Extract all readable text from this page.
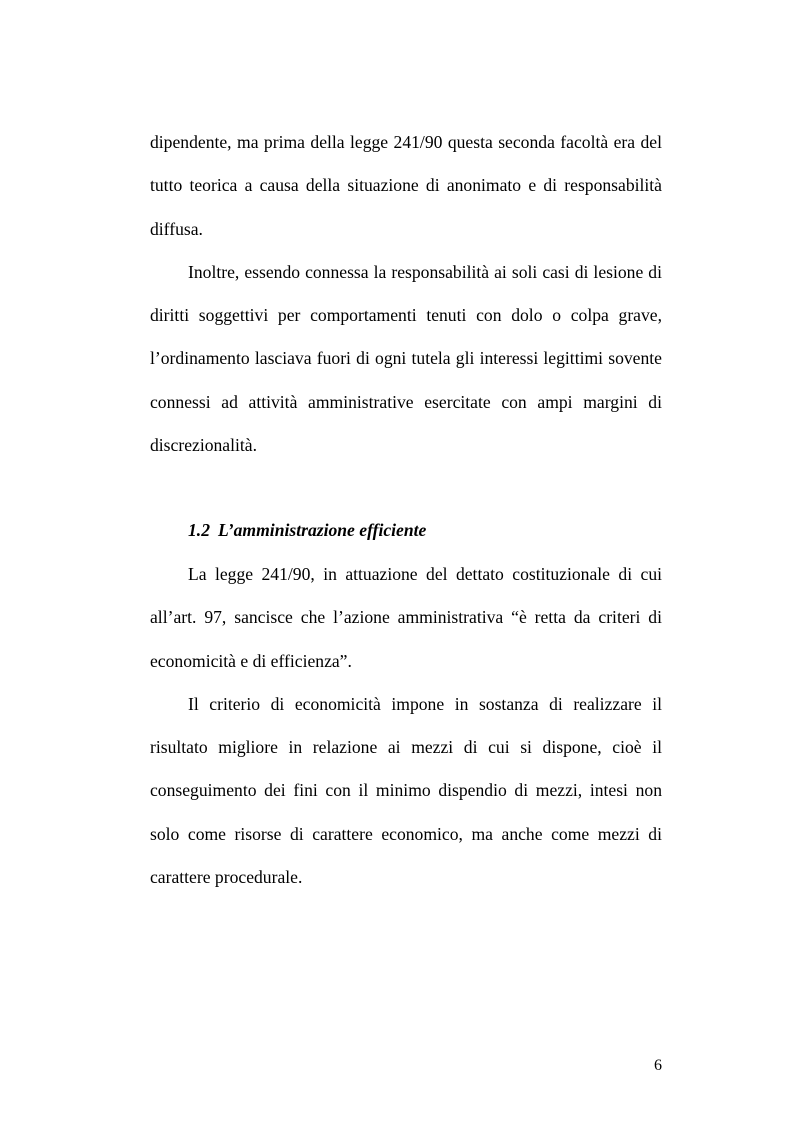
dipendente, ma prima della legge 241/90 questa seconda facoltà era del tutto teorica a causa della situazione di anonimato e di responsabilità diffusa.

Inoltre, essendo connessa la responsabilità ai soli casi di lesione di diritti soggettivi per comportamenti tenuti con dolo o colpa grave, l’ordinamento lasciava fuori di ogni tutela gli interessi legittimi sovente connessi ad attività amministrative esercitate con ampi margini di discrezionalità.

1.2 L’amministrazione efficiente

La legge 241/90, in attuazione del dettato costituzionale di cui all’art. 97, sancisce che l’azione amministrativa “è retta da criteri di economicità e di efficienza”.

Il criterio di economicità impone in sostanza di realizzare il risultato migliore in relazione ai mezzi di cui si dispone, cioè il conseguimento dei fini con il minimo dispendio di mezzi, intesi non solo come risorse di carattere economico, ma anche come mezzi di carattere procedurale.

6
